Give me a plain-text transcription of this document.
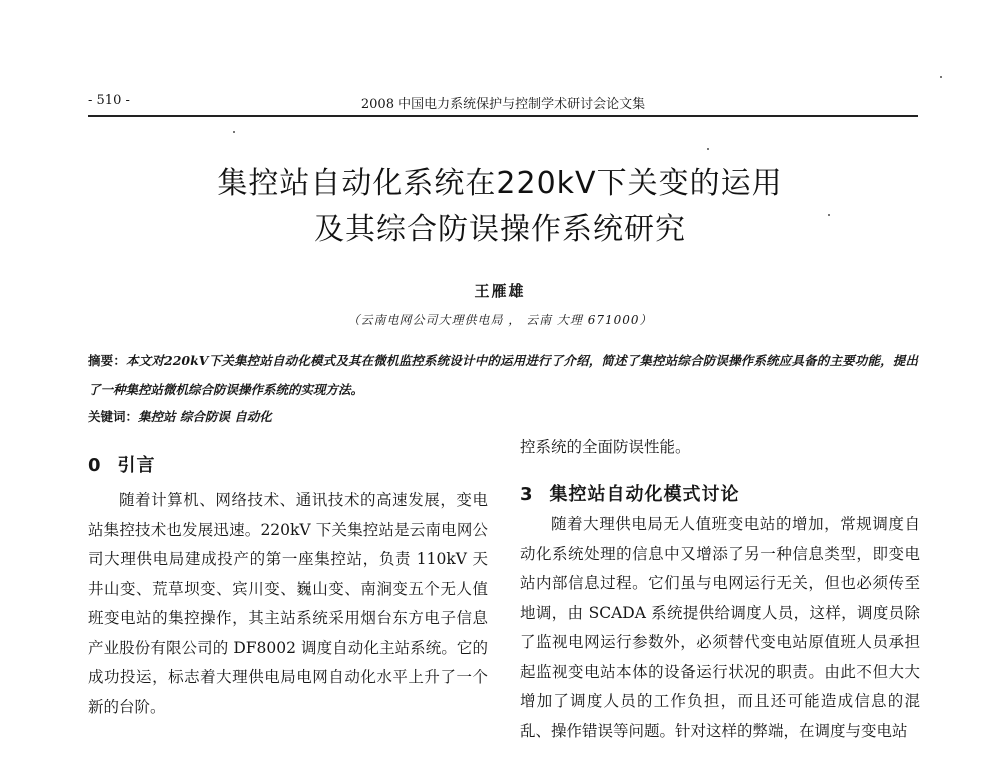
- 510 -	2008 中国电力系统保护与控制学术研讨会论文集
集控站自动化系统在220kV下关变的运用
及其综合防误操作系统研究
王雁雄
（云南电网公司大理供电局 ， 云南 大理 671000）
摘要：本文对220kV下关集控站自动化模式及其在微机监控系统设计中的运用进行了介绍，简述了集控站综合防误操作系统应具备的主要功能，提出了一种集控站微机综合防误操作系统的实现方法。
关键词：集控站 综合防误 自动化
0 引言
随着计算机、网络技术、通讯技术的高速发展，变电站集控技术也发展迅速。220kV 下关集控站是云南电网公司大理供电局建成投产的第一座集控站，负责 110kV 天井山变、荒草坝变、宾川变、巍山变、南涧变五个无人值班变电站的集控操作，其主站系统采用烟台东方电子信息产业股份有限公司的 DF8002 调度自动化主站系统。它的成功投运，标志着大理供电局电网自动化水平上升了一个新的台阶。
控系统的全面防误性能。
3 集控站自动化模式讨论
随着大理供电局无人值班变电站的增加，常规调度自动化系统处理的信息中又增添了另一种信息类型，即变电站内部信息过程。它们虽与电网运行无关，但也必须传至地调，由 SCADA 系统提供给调度人员，这样，调度员除了监视电网运行参数外，必须替代变电站原值班人员承担起监视变电站本体的设备运行状况的职责。由此不但大大增加了调度人员的工作负担，而且还可能造成信息的混乱、操作错误等问题。针对这样的弊端，在调度与变电站
